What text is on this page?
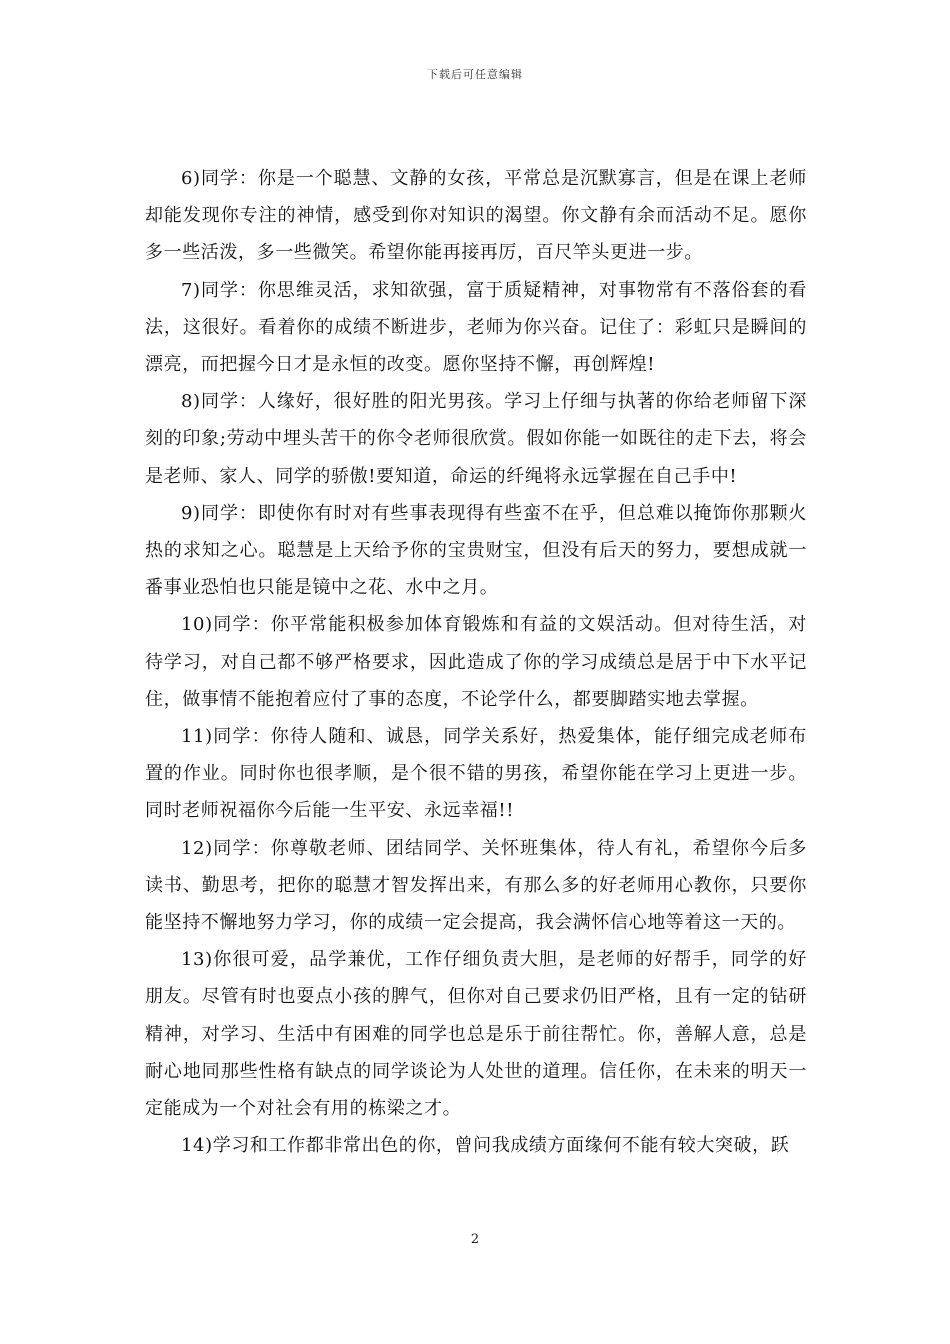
下载后可任意编辑

6)同学：你是一个聪慧、文静的女孩，平常总是沉默寡言，但是在课上老师却能发现你专注的神情，感受到你对知识的渴望。你文静有余而活动不足。愿你多一些活泼，多一些微笑。希望你能再接再厉，百尺竿头更进一步。

7)同学：你思维灵活，求知欲强，富于质疑精神，对事物常有不落俗套的看法，这很好。看着你的成绩不断进步，老师为你兴奋。记住了：彩虹只是瞬间的漂亮，而把握今日才是永恒的改变。愿你坚持不懈，再创辉煌!

8)同学：人缘好，很好胜的阳光男孩。学习上仔细与执著的你给老师留下深刻的印象;劳动中埋头苦干的你令老师很欣赏。假如你能一如既往的走下去，将会是老师、家人、同学的骄傲!要知道，命运的纤绳将永远掌握在自己手中!

9)同学：即使你有时对有些事表现得有些蛮不在乎，但总难以掩饰你那颗火热的求知之心。聪慧是上天给予你的宝贵财宝，但没有后天的努力，要想成就一番事业恐怕也只能是镜中之花、水中之月。

10)同学：你平常能积极参加体育锻炼和有益的文娱活动。但对待生活，对待学习，对自己都不够严格要求，因此造成了你的学习成绩总是居于中下水平记住，做事情不能抱着应付了事的态度，不论学什么，都要脚踏实地去掌握。

11)同学：你待人随和、诚恳，同学关系好，热爱集体，能仔细完成老师布置的作业。同时你也很孝顺，是个很不错的男孩，希望你能在学习上更进一步。同时老师祝福你今后能一生平安、永远幸福!!

12)同学：你尊敬老师、团结同学、关怀班集体，待人有礼，希望你今后多读书、勤思考，把你的聪慧才智发挥出来，有那么多的好老师用心教你，只要你能坚持不懈地努力学习，你的成绩一定会提高，我会满怀信心地等着这一天的。

13)你很可爱，品学兼优，工作仔细负责大胆，是老师的好帮手，同学的好朋友。尽管有时也耍点小孩的脾气，但你对自己要求仍旧严格，且有一定的钻研精神，对学习、生活中有困难的同学也总是乐于前往帮忙。你，善解人意，总是耐心地同那些性格有缺点的同学谈论为人处世的道理。信任你，在未来的明天一定能成为一个对社会有用的栋梁之才。

14)学习和工作都非常出色的你，曾问我成绩方面缘何不能有较大突破，跃

2
